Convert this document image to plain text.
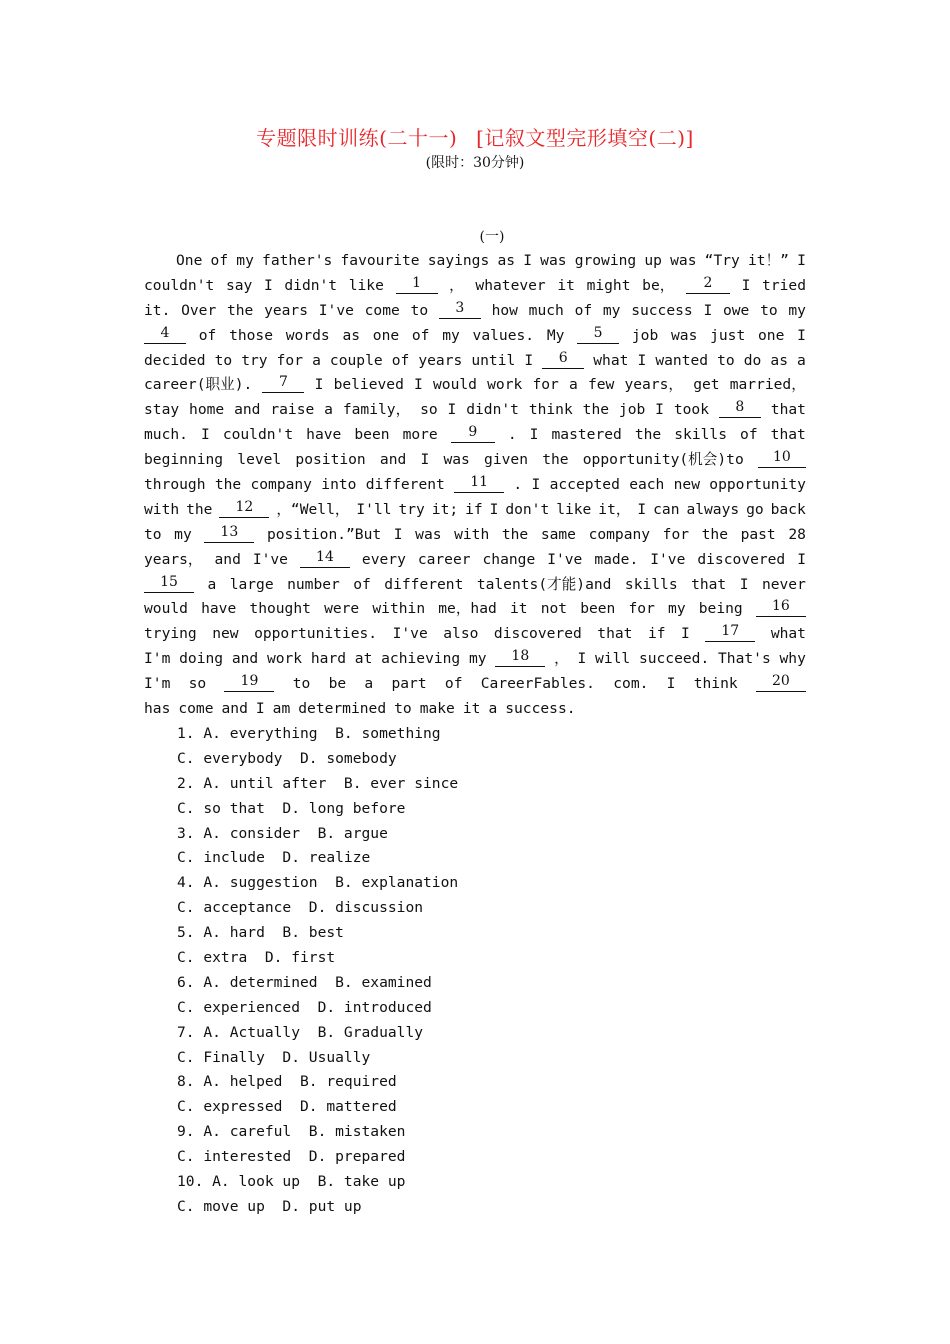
专题限时训练(二十一) [记叙文型完形填空(二)]
(限时：30分钟)
(一)
One of my father's favourite sayings as I was growing up was “Try it！” I
couldn't say I didn't like	1	， whatever it might be，	2	I tried
it. Over the years I've come to	3	how much of my success I owe to my
4	of those words as one of my values. My	5	job was just one I
decided to try for a couple of years until I	6	what I wanted to do as a
career(职业).	7	I believed I would work for a few years， get married，
stay home and raise a family， so I didn't think the job I took	8	that
much. I couldn't have been more	9	. I mastered the skills of that
beginning level position and I was given the opportunity(机会)to	10
through the company into different	11	. I accepted each new opportunity
with the	12	，“Well， I'll try it; if I don't like it， I can always go back
to my	13	position.”But I was with the same company for the past 28
years， and I've	14	every career change I've made. I've discovered I
15	a large number of different talents(才能)and skills that I never
would have thought were within me，had it not been for my being	16
trying new opportunities. I've also discovered that if I	17	what
I'm doing and work hard at achieving my	18	， I will succeed. That's why
I'm so	19	to be a part of CareerFables. com. I think	20
has come and I am determined to make it a success.
1. A. everything  B. something
C. everybody  D. somebody
2. A. until after  B. ever since
C. so that  D. long before
3. A. consider  B. argue
C. include  D. realize
4. A. suggestion  B. explanation
C. acceptance  D. discussion
5. A. hard  B. best
C. extra  D. first
6. A. determined  B. examined
C. experienced  D. introduced
7. A. Actually  B. Gradually
C. Finally  D. Usually
8. A. helped  B. required
C. expressed  D. mattered
9. A. careful  B. mistaken
C. interested  D. prepared
10. A. look up  B. take up
C. move up  D. put up
